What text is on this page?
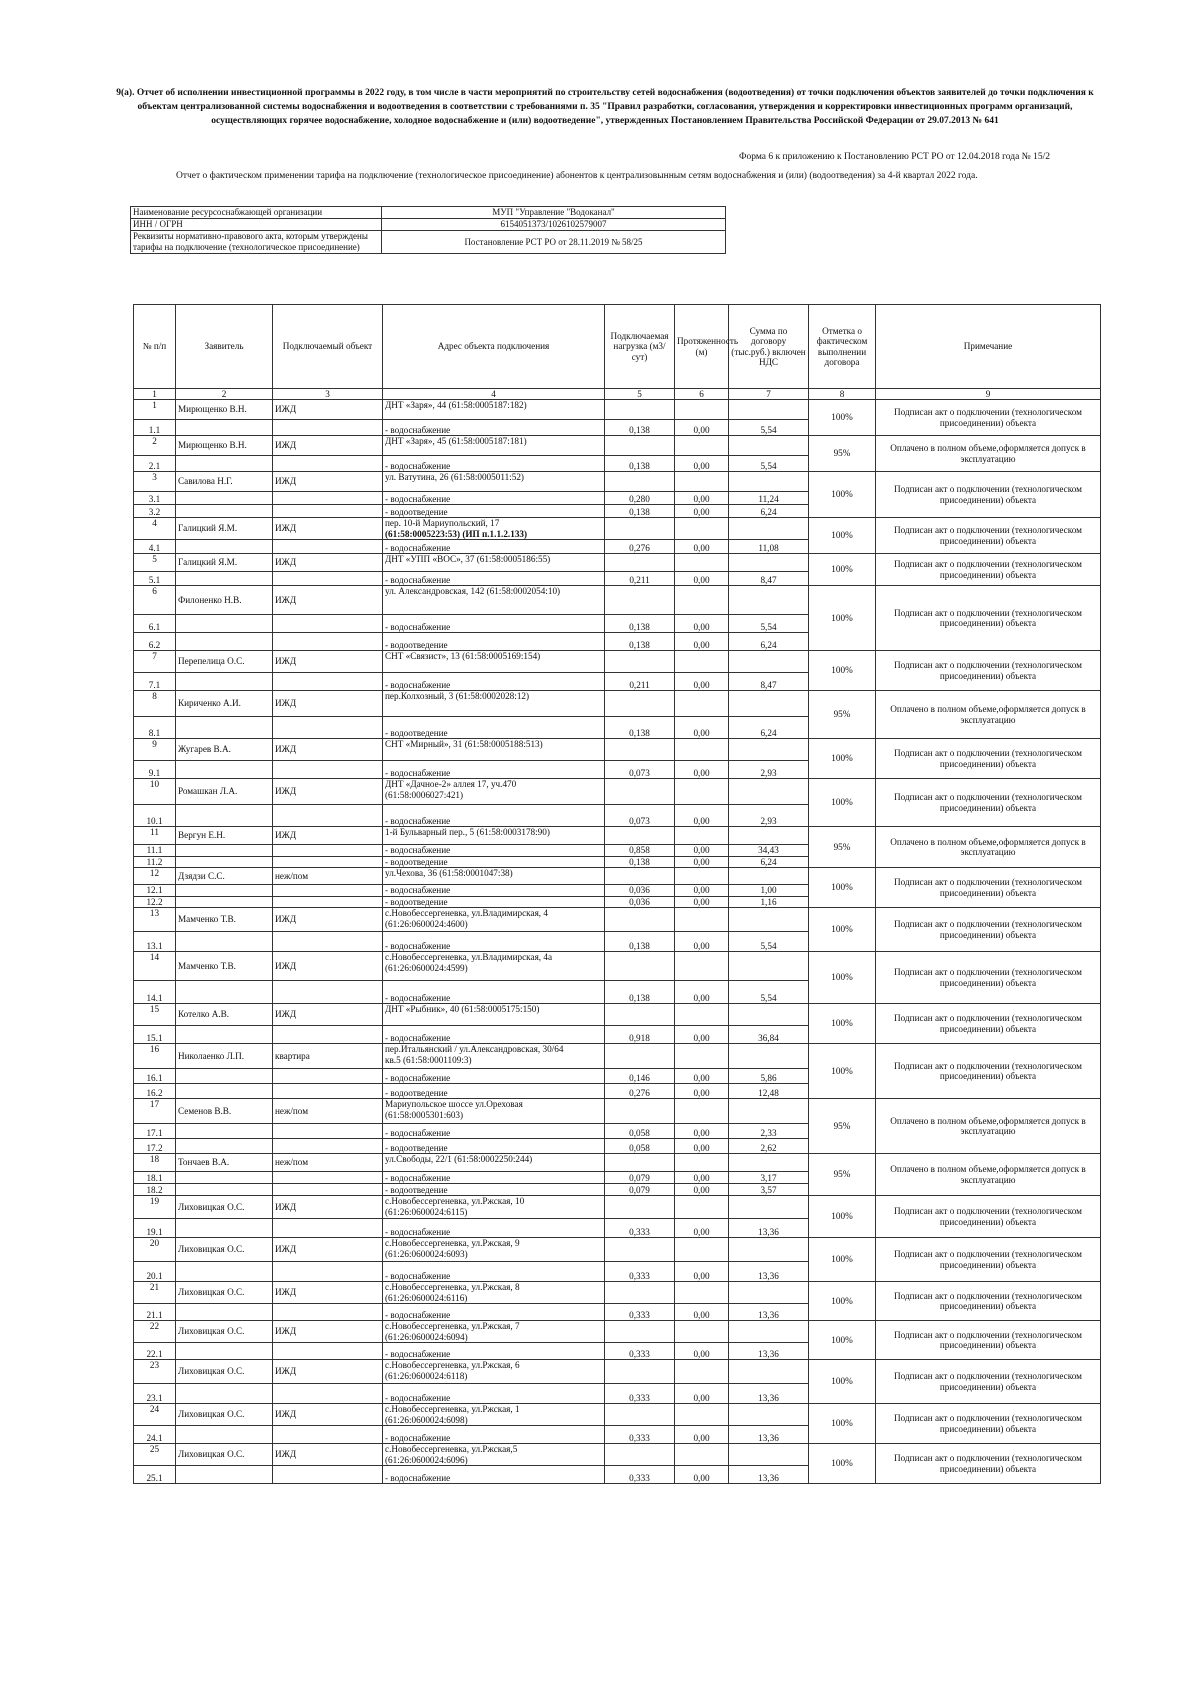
9(а). Отчет об исполнении инвестиционной программы в 2022 году, в том числе в части мероприятий по строительству сетей водоснабжения (водоотведения) от точки подключения объектов заявителей до точки подключения к объектам централизованной системы водоснабжения и водоотведения в соответствии с требованиями п. 35 "Правил разработки, согласования, утверждения и корректировки инвестиционных программ организаций, осуществляющих горячее водоснабжение, холодное водоснабжение и (или) водоотведение", утвержденных Постановлением Правительства Российской Федерации от 29.07.2013 № 641
Форма 6 к приложению к Постановлению РСТ РО от 12.04.2018 года № 15/2
Отчет о фактическом применении тарифа на подключение (технологическое присоединение) абонентов к централизовынным сетям водоснабжения и (или) (водоотведения) за 4-й квартал 2022 года.
Наименование ресурсоснабжающей организации	МУП "Управление "Водоканал"
ИНН / ОГРН	6154051373/1026102579007
Реквизиты нормативно-правового акта, которым утверждены тарифы на подключение (технологическое присоединение)	Постановление РСТ РО от 28.11.2019 № 58/25
№ п/п	Заявитель	Подключаемый объект	Адрес объекта подключения	Подключаемая нагрузка (м3/сут)	Протяженность (м)	Сумма по договору (тыс.руб.) включен НДС	Отметка о фактическом выполнении договора	Примечание
1	2	3	4	5	6	7	8	9
1	Мирющенко В.Н.	ИЖД	ДНТ «Заря», 44 (61:58:0005187:182)				100%	Подписан акт о подключении (технологическом присоединении) объекта
1.1			- водоснабжение	0,138	0,00	5,54		
2	Мирющенко В.Н.	ИЖД	ДНТ «Заря», 45 (61:58:0005187:181)				95%	Оплачено в полном объеме,оформляется допуск в эксплуатацию
2.1			- водоснабжение	0,138	0,00	5,54		
3	Савилова Н.Г.	ИЖД	ул. Ватутина, 26 (61:58:0005011:52)				100%	Подписан акт о подключении (технологическом присоединении) объекта
3.1			- водоснабжение	0,280	0,00	11,24		
3.2			- водоотведение	0,138	0,00	6,24		
4	Галицкий Я.М.	ИЖД	пер. 10-й Мариупольский, 17
(61:58:0005223:53) (ИП п.1.1.2.133)				100%	Подписан акт о подключении (технологическом присоединении) объекта
4.1			- водоснабжение	0,276	0,00	11,08		
5	Галицкий Я.М.	ИЖД	ДНТ «УПП «ВОС», 37 (61:58:0005186:55)				100%	Подписан акт о подключении (технологическом присоединении) объекта
5.1			- водоснабжение	0,211	0,00	8,47		
6	Филоненко Н.В.	ИЖД	ул. Александровская, 142 (61:58:0002054:10)				100%	Подписан акт о подключении (технологическом присоединении) объекта
6.1			- водоснабжение	0,138	0,00	5,54		
6.2			- водоотведение	0,138	0,00	6,24		
7	Перепелица О.С.	ИЖД	СНТ «Связист», 13 (61:58:0005169:154)				100%	Подписан акт о подключении (технологическом присоединении) объекта
7.1			- водоснабжение	0,211	0,00	8,47		
8	Кириченко А.И.	ИЖД	пер.Колхозный, 3 (61:58:0002028:12)				95%	Оплачено в полном объеме,оформляется допуск в эксплуатацию
8.1			- водоотведение	0,138	0,00	6,24		
9	Жугарев В.А.	ИЖД	СНТ «Мирный», 31 (61:58:0005188:513)				100%	Подписан акт о подключении (технологическом присоединении) объекта
9.1			- водоснабжение	0,073	0,00	2,93		
10	Ромашкан Л.А.	ИЖД	ДНТ «Дачное-2» аллея 17, уч.470
(61:58:0006027:421)				100%	Подписан акт о подключении (технологическом присоединении) объекта
10.1			- водоснабжение	0,073	0,00	2,93		
11	Вергун Е.Н.	ИЖД	1-й Бульварный пер., 5 (61:58:0003178:90)				95%	Оплачено в полном объеме,оформляется допуск в эксплуатацию
11.1			- водоснабжение	0,858	0,00	34,43		
11.2			- водоотведение	0,138	0,00	6,24		
12	Дзядзи С.С.	неж/пом	ул.Чехова, 36 (61:58:0001047:38)				100%	Подписан акт о подключении (технологическом присоединении) объекта
12.1			- водоснабжение	0,036	0,00	1,00		
12.2			- водоотведение	0,036	0,00	1,16		
13	Мамченко Т.В.	ИЖД	с.Новобессергеневка, ул.Владимирская, 4
(61:26:0600024:4600)				100%	Подписан акт о подключении (технологическом присоединении) объекта
13.1			- водоснабжение	0,138	0,00	5,54		
14	Мамченко Т.В.	ИЖД	с.Новобессергеневка, ул.Владимирская, 4а
(61:26:0600024:4599)				100%	Подписан акт о подключении (технологическом присоединении) объекта
14.1			- водоснабжение	0,138	0,00	5,54		
15	Котелко А.В.	ИЖД	ДНТ «Рыбник», 40 (61:58:0005175:150)				100%	Подписан акт о подключении (технологическом присоединении) объекта
15.1			- водоснабжение	0,918	0,00	36,84		
16	Николаенко Л.П.	квартира	пер.Итальянский / ул.Александровская, 30/64
кв.5 (61:58:0001109:3)				100%	Подписан акт о подключении (технологическом присоединении) объекта
16.1			- водоснабжение	0,146	0,00	5,86		
16.2			- водоотведение	0,276	0,00	12,48		
17	Семенов В.В.	неж/пом	Мариупольское шоссе ул.Ореховая
(61:58:0005301:603)				95%	Оплачено в полном объеме,оформляется допуск в эксплуатацию
17.1			- водоснабжение	0,058	0,00	2,33		
17.2			- водоотведение	0,058	0,00	2,62		
18	Тончаев В.А.	неж/пом	ул.Свободы, 22/1 (61:58:0002250:244)				95%	Оплачено в полном объеме,оформляется допуск в эксплуатацию
18.1			- водоснабжение	0,079	0,00	3,17		
18.2			- водоотведение	0,079	0,00	3,57		
19	Лиховицкая О.С.	ИЖД	с.Новобессергеневка, ул.Ржская, 10
(61:26:0600024:6115)				100%	Подписан акт о подключении (технологическом присоединении) объекта
19.1			- водоснабжение	0,333	0,00	13,36		
20	Лиховицкая О.С.	ИЖД	с.Новобессергеневка, ул.Ржская, 9
(61:26:0600024:6093)				100%	Подписан акт о подключении (технологическом присоединении) объекта
20.1			- водоснабжение	0,333	0,00	13,36		
21	Лиховицкая О.С.	ИЖД	с.Новобессергеневка, ул.Ржская, 8
(61:26:0600024:6116)				100%	Подписан акт о подключении (технологическом присоединении) объекта
21.1			- водоснабжение	0,333	0,00	13,36		
22	Лиховицкая О.С.	ИЖД	с.Новобессергеневка, ул.Ржская, 7
(61:26:0600024:6094)				100%	Подписан акт о подключении (технологическом присоединении) объекта
22.1			- водоснабжение	0,333	0,00	13,36		
23	Лиховицкая О.С.	ИЖД	с.Новобессергеневка, ул.Ржская, 6
(61:26:0600024:6118)				100%	Подписан акт о подключении (технологическом присоединении) объекта
23.1			- водоснабжение	0,333	0,00	13,36		
24	Лиховицкая О.С.	ИЖД	с.Новобессергеневка, ул.Ржская, 1
(61:26:0600024:6098)				100%	Подписан акт о подключении (технологическом присоединении) объекта
24.1			- водоснабжение	0,333	0,00	13,36		
25	Лиховицкая О.С.	ИЖД	с.Новобессергеневка, ул.Ржская,5
(61:26:0600024:6096)				100%	Подписан акт о подключении (технологическом присоединении) объекта
25.1			- водоснабжение	0,333	0,00	13,36		
